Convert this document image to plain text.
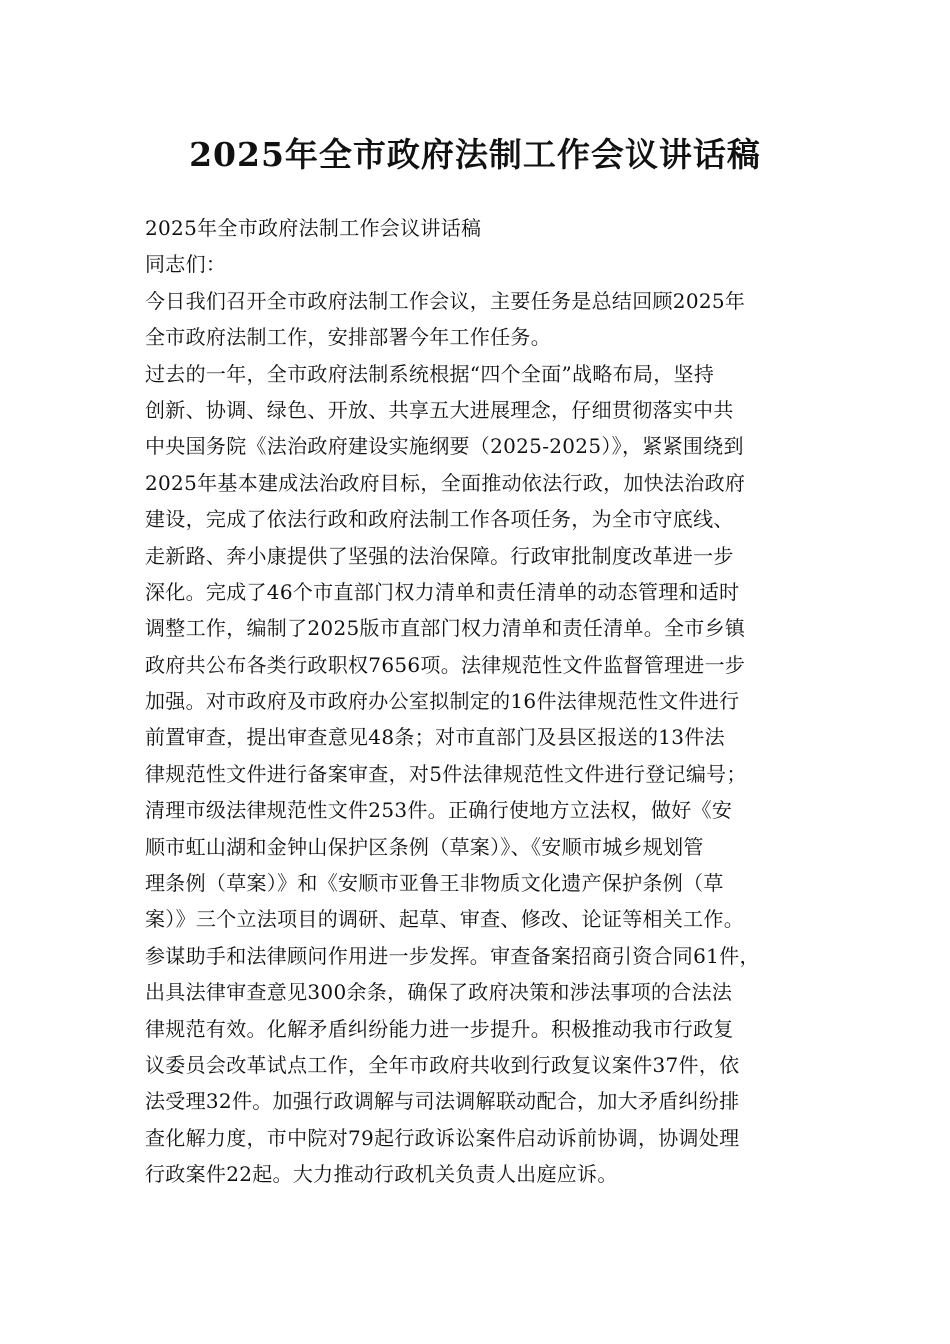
2025年全市政府法制工作会议讲话稿
2025年全市政府法制工作会议讲话稿
同志们：
今日我们召开全市政府法制工作会议，主要任务是总结回顾2025年
全市政府法制工作，安排部署今年工作任务。
过去的一年，全市政府法制系统根据“四个全面”战略布局，坚持
创新、协调、绿色、开放、共享五大进展理念，仔细贯彻落实中共
中央国务院《法治政府建设实施纲要（2025-2025）》，紧紧围绕到
2025年基本建成法治政府目标，全面推动依法行政，加快法治政府
建设，完成了依法行政和政府法制工作各项任务，为全市守底线、
走新路、奔小康提供了坚强的法治保障。行政审批制度改革进一步
深化。完成了46个市直部门权力清单和责任清单的动态管理和适时
调整工作，编制了2025版市直部门权力清单和责任清单。全市乡镇
政府共公布各类行政职权7656项。法律规范性文件监督管理进一步
加强。对市政府及市政府办公室拟制定的16件法律规范性文件进行
前置审查，提出审查意见48条；对市直部门及县区报送的13件法
律规范性文件进行备案审查，对5件法律规范性文件进行登记编号；
清理市级法律规范性文件253件。正确行使地方立法权，做好《安
顺市虹山湖和金钟山保护区条例（草案）》、《安顺市城乡规划管
理条例（草案）》和《安顺市亚鲁王非物质文化遗产保护条例（草
案）》三个立法项目的调研、起草、审查、修改、论证等相关工作。
参谋助手和法律顾问作用进一步发挥。审查备案招商引资合同61件，
出具法律审查意见300余条，确保了政府决策和涉法事项的合法法
律规范有效。化解矛盾纠纷能力进一步提升。积极推动我市行政复
议委员会改革试点工作，全年市政府共收到行政复议案件37件，依
法受理32件。加强行政调解与司法调解联动配合，加大矛盾纠纷排
查化解力度，市中院对79起行政诉讼案件启动诉前协调，协调处理
行政案件22起。大力推动行政机关负责人出庭应诉。
